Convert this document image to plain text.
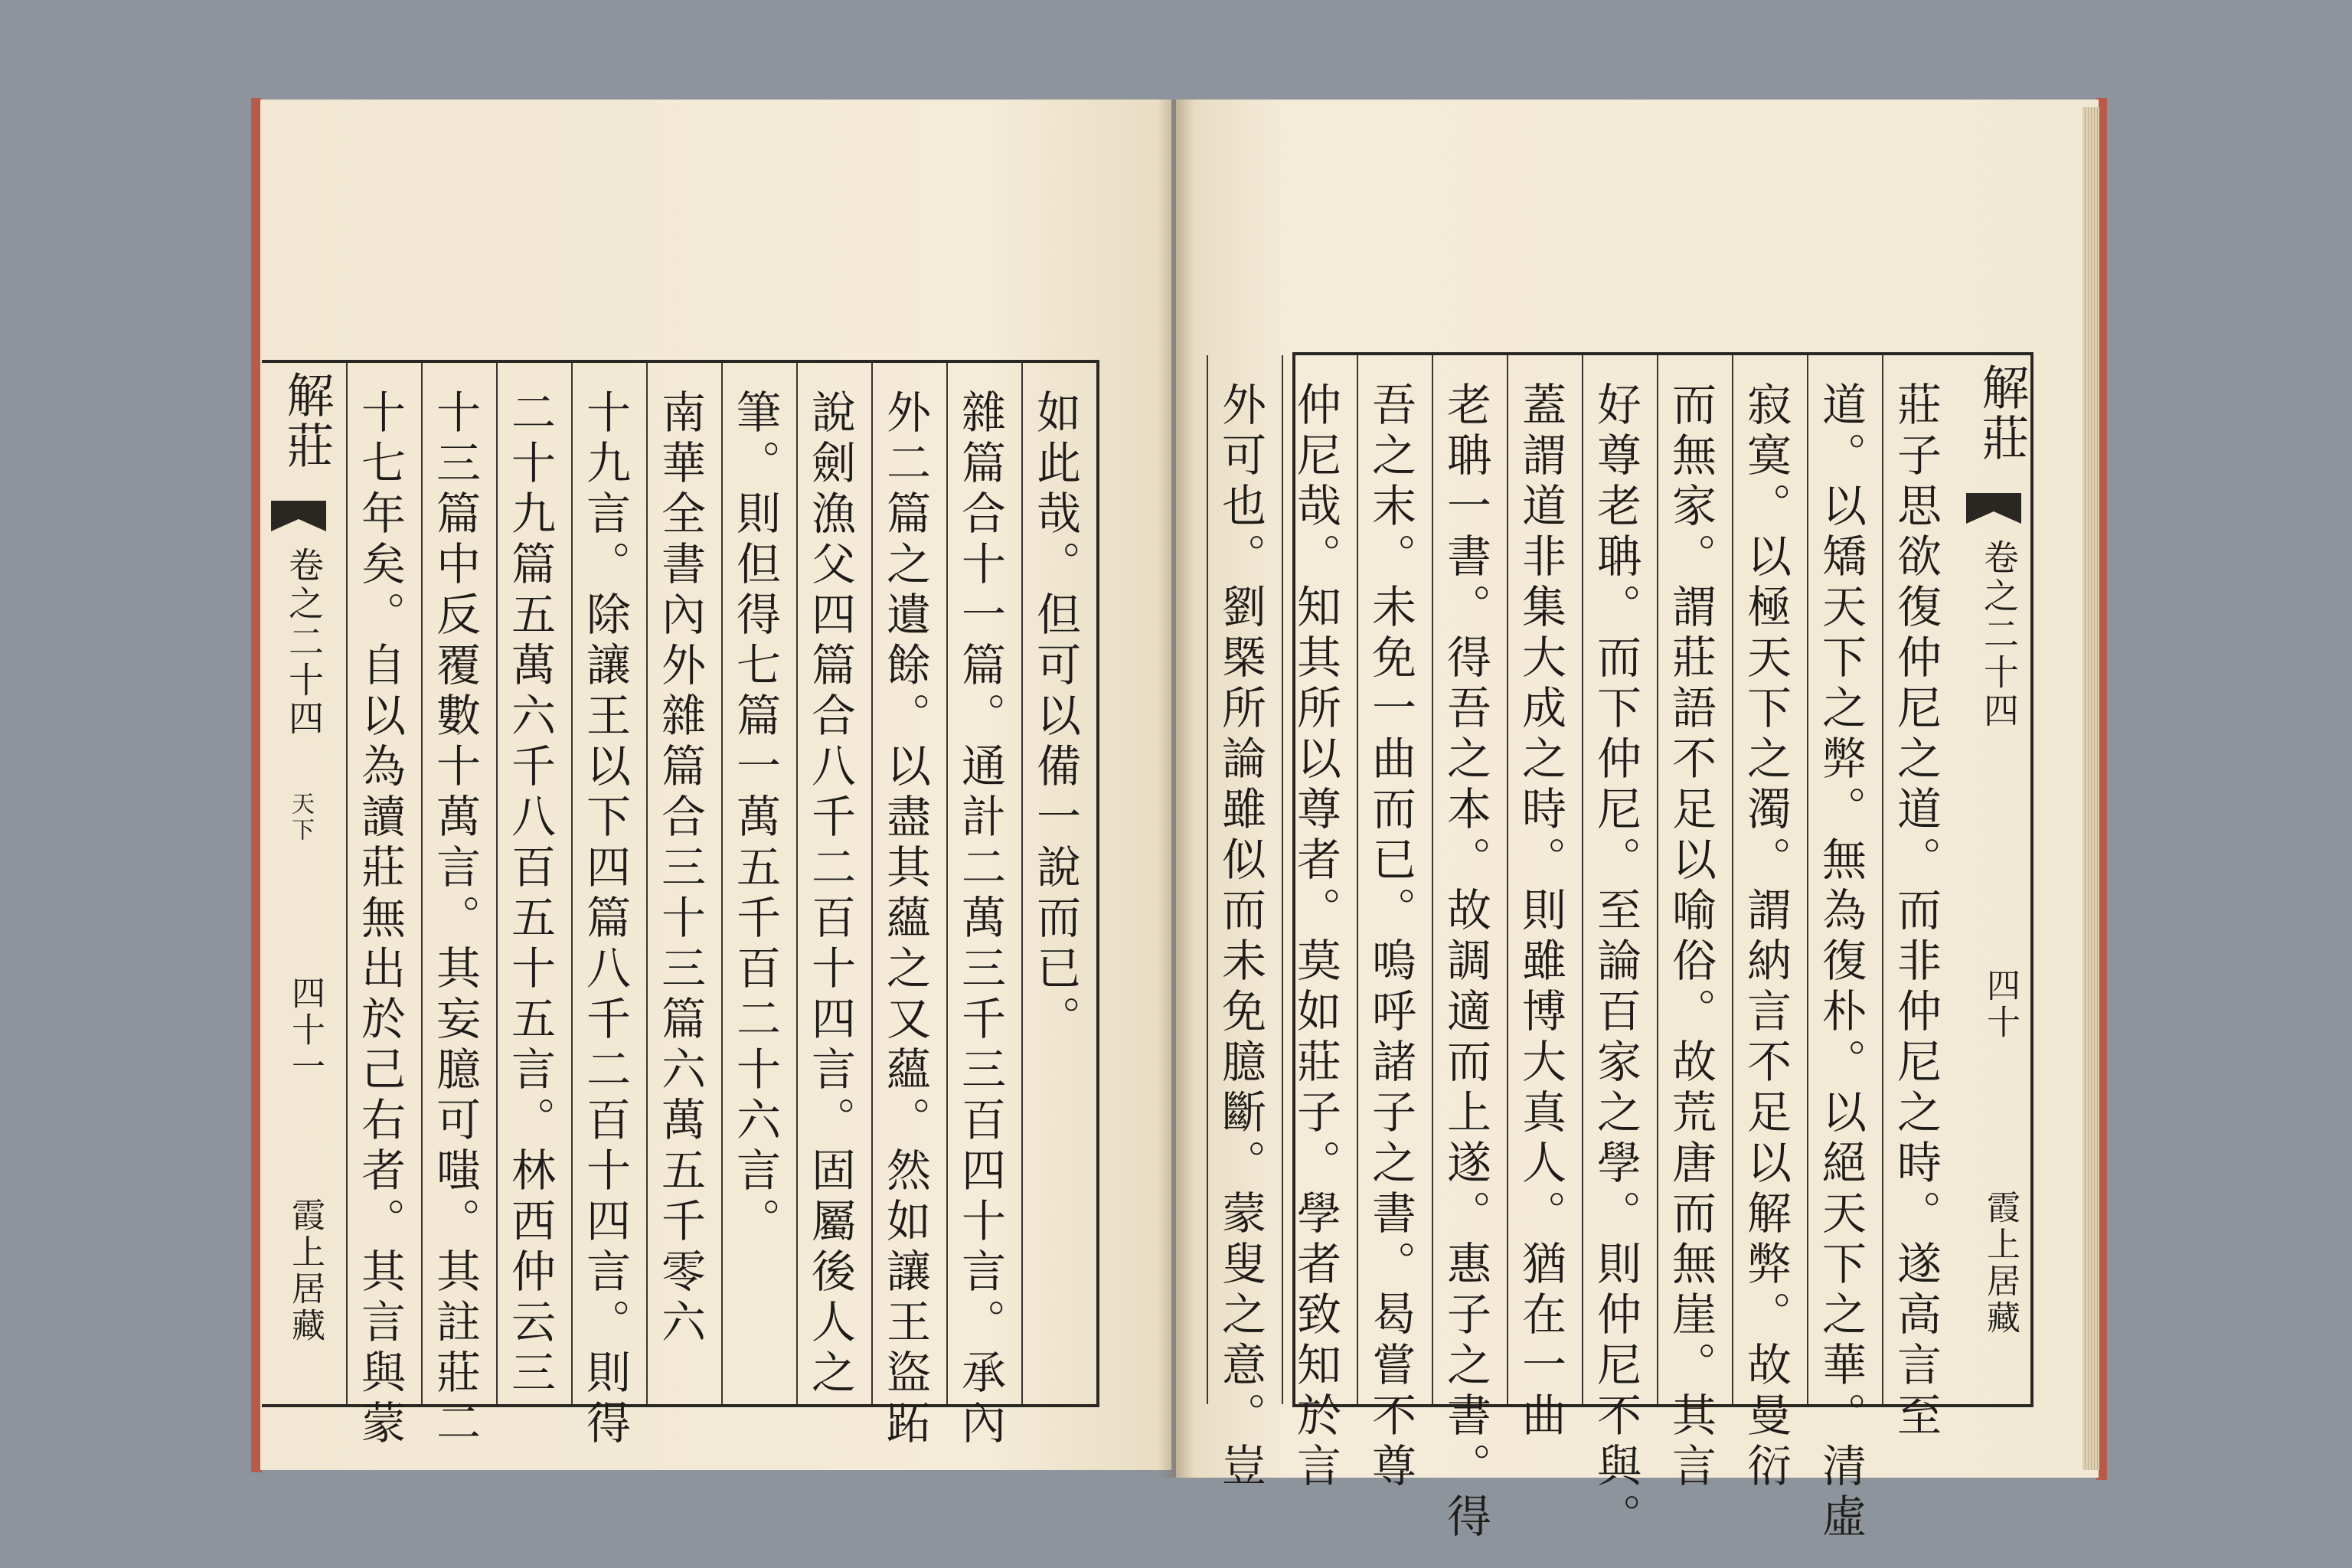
解莊
卷之二十四
天下
四十一
霞上居藏
如此哉。但可以備一說而已。
雜篇合十一篇。通計二萬三千三百四十言。承內
外二篇之遺餘。以盡其蘊之又蘊。然如讓王盜跖
說劍漁父四篇合八千二百十四言。固屬後人之
筆。則但得七篇一萬五千百二十六言。
南華全書內外雜篇合三十三篇六萬五千零六
十九言。除讓王以下四篇八千二百十四言。則得
二十九篇五萬六千八百五十五言。林西仲云三
十三篇中反覆數十萬言。其妄臆可嗤。其註莊二
十七年矣。自以為讀莊無出於己右者。其言與蒙	解莊
卷之二十四
四十
霞上居藏
莊子思欲復仲尼之道。而非仲尼之時。遂高言至
道。以矯天下之弊。無為復朴。以絕天下之華。清虛
寂寞。以極天下之濁。謂納言不足以解弊。故曼衍
而無家。謂莊語不足以喻俗。故荒唐而無崖。其言
好尊老聃。而下仲尼。至論百家之學。則仲尼不與。
蓋謂道非集大成之時。則雖博大真人。猶在一曲
老聃一書。得吾之本。故調適而上遂。惠子之書。得
吾之末。未免一曲而已。嗚呼諸子之書。曷嘗不尊
仲尼哉。知其所以尊者。莫如莊子。學者致知於言
外可也。劉槩所論雖似而未免臆斷。蒙叟之意。豈
